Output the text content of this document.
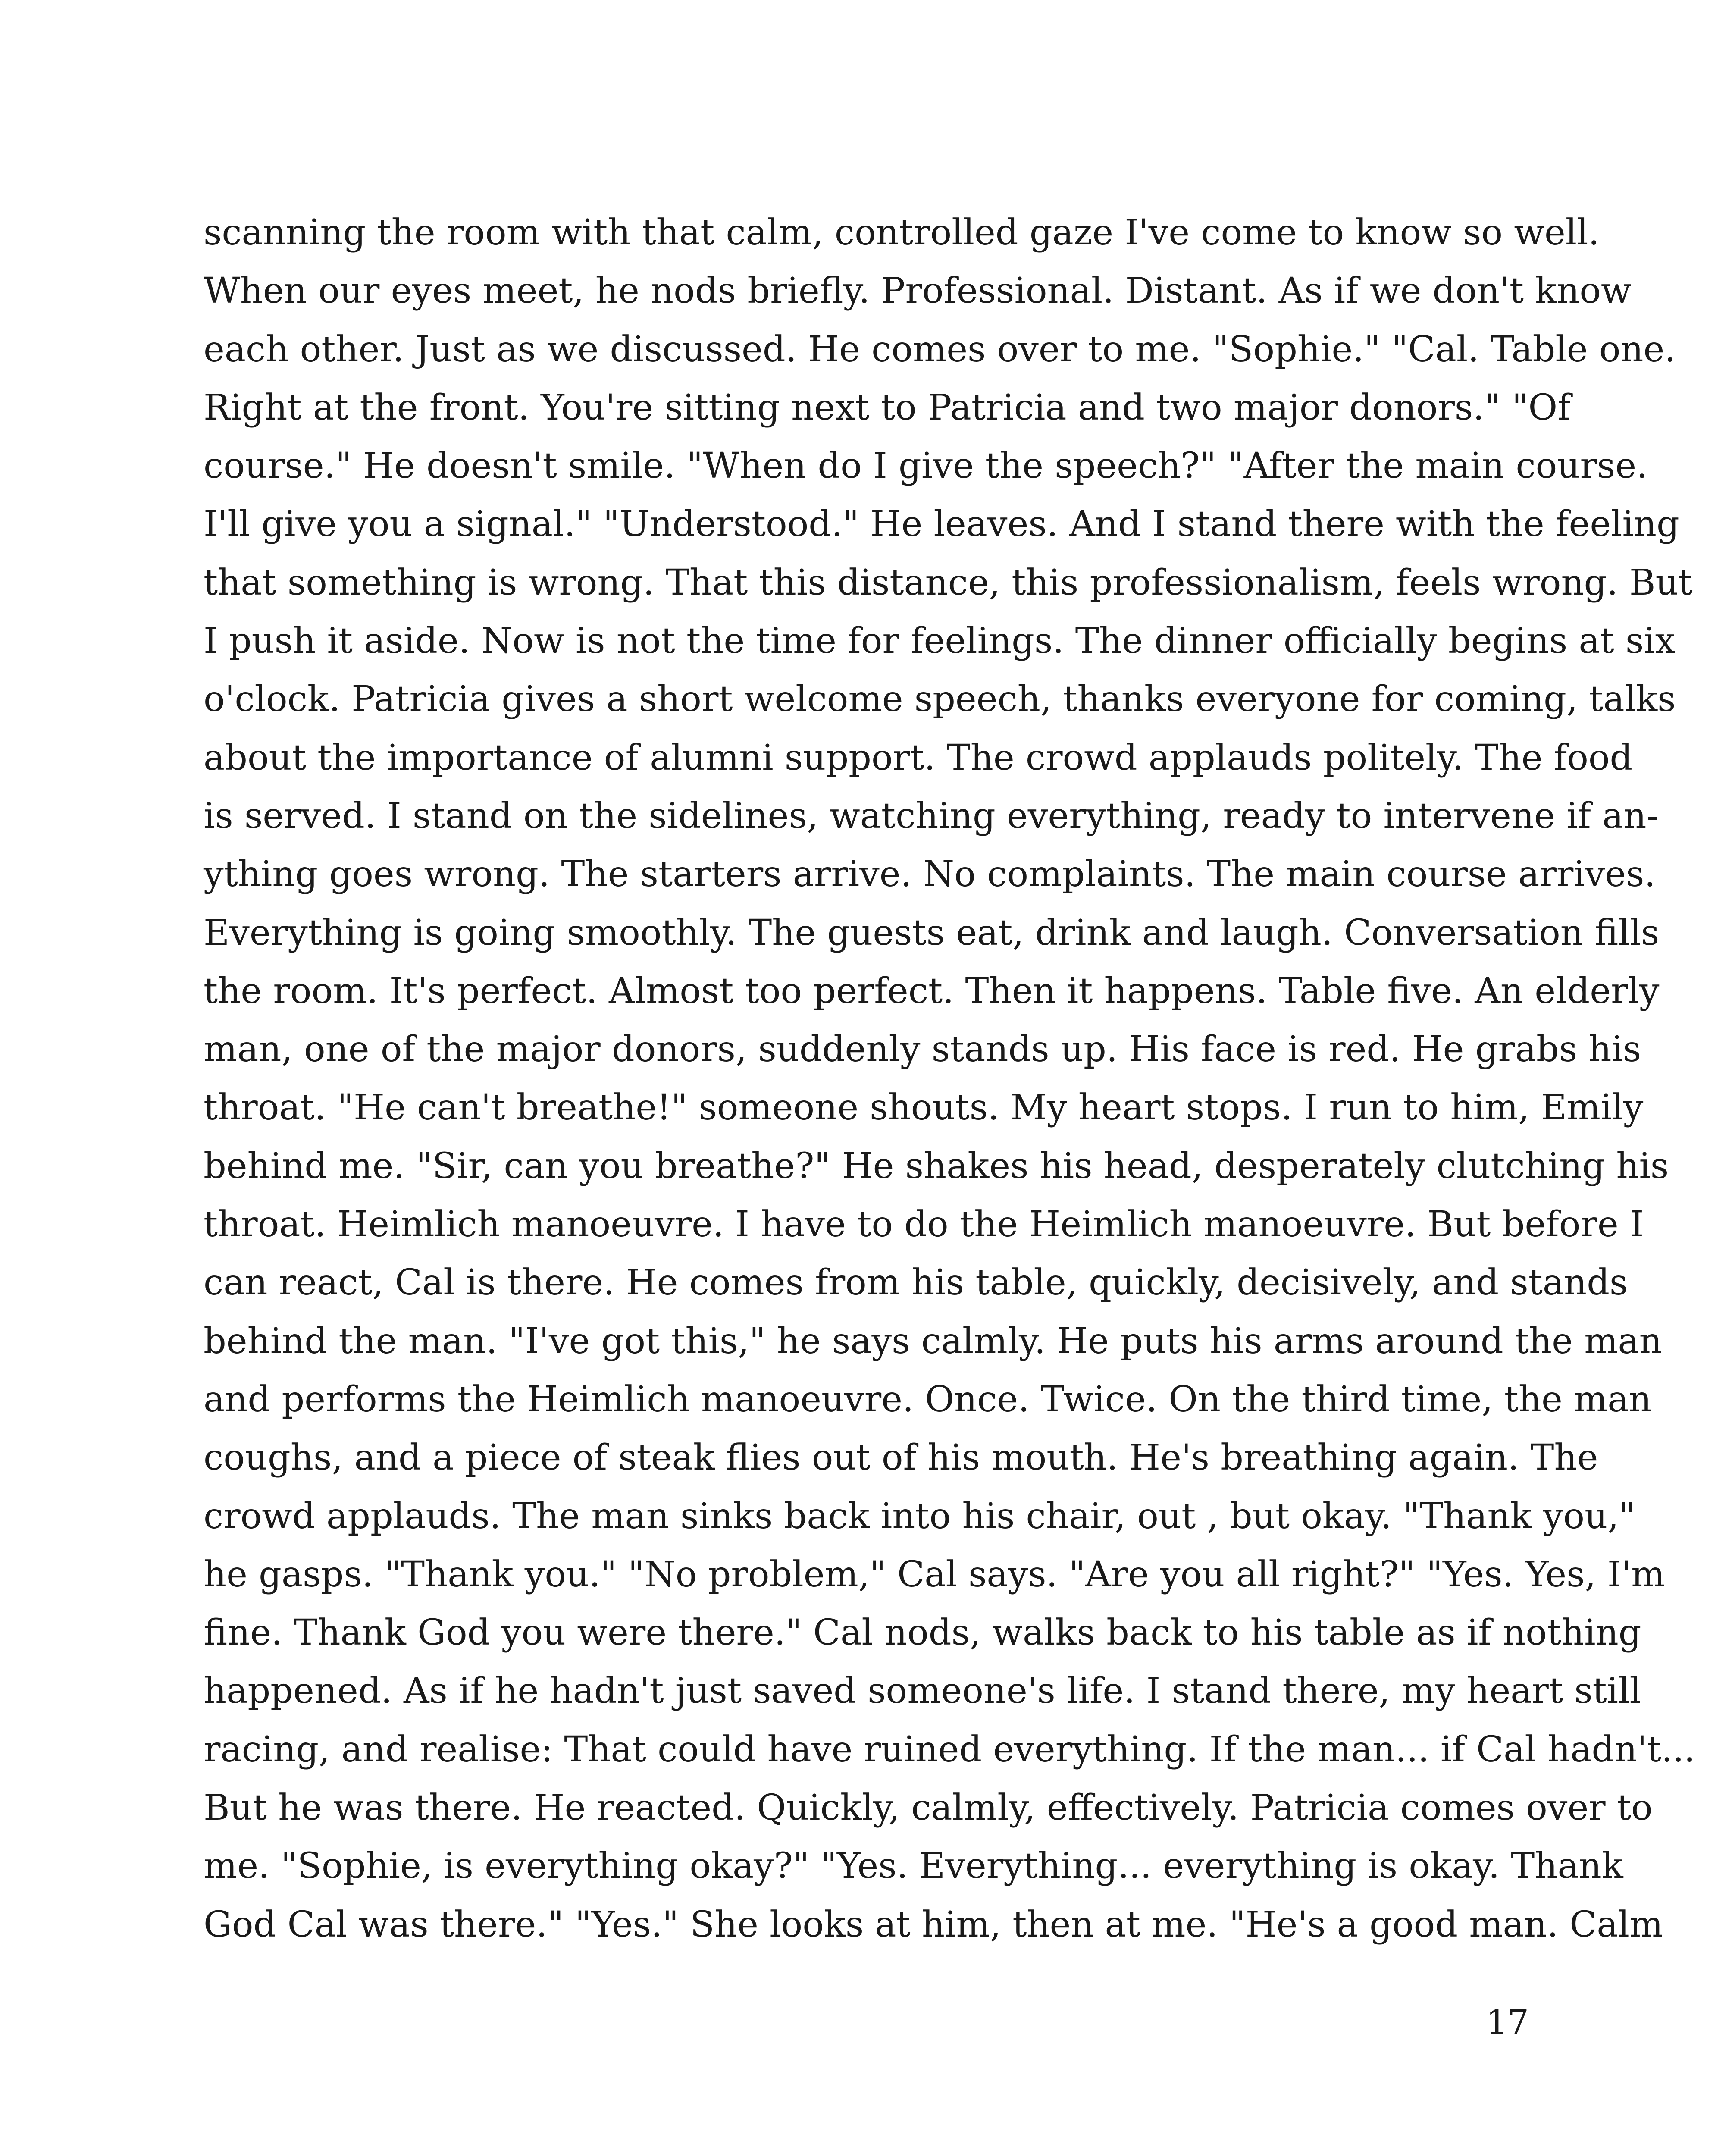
scanning the room with that calm, controlled gaze I've come to know so well.
When our eyes meet, he nods briefly. Professional. Distant. As if we don't know
each other. Just as we discussed. He comes over to me. "Sophie." "Cal. Table one.
Right at the front. You're sitting next to Patricia and two major donors." "Of
course." He doesn't smile. "When do I give the speech?" "After the main course.
I'll give you a signal." "Understood." He leaves. And I stand there with the feeling
that something is wrong. That this distance, this professionalism, feels wrong. But
I push it aside. Now is not the time for feelings. The dinner officially begins at six
o'clock. Patricia gives a short welcome speech, thanks everyone for coming, talks
about the importance of alumni support. The crowd applauds politely. The food
is served. I stand on the sidelines, watching everything, ready to intervene if an-
ything goes wrong. The starters arrive. No complaints. The main course arrives.
Everything is going smoothly. The guests eat, drink and laugh. Conversation fills
the room. It's perfect. Almost too perfect. Then it happens. Table five. An elderly
man, one of the major donors, suddenly stands up. His face is red. He grabs his
throat. "He can't breathe!" someone shouts. My heart stops. I run to him, Emily
behind me. "Sir, can you breathe?" He shakes his head, desperately clutching his
throat. Heimlich manoeuvre. I have to do the Heimlich manoeuvre. But before I
can react, Cal is there. He comes from his table, quickly, decisively, and stands
behind the man. "I've got this," he says calmly. He puts his arms around the man
and performs the Heimlich manoeuvre. Once. Twice. On the third time, the man
coughs, and a piece of steak flies out of his mouth. He's breathing again. The
crowd applauds. The man sinks back into his chair, out , but okay. "Thank you,"
he gasps. "Thank you." "No problem," Cal says. "Are you all right?" "Yes. Yes, I'm
fine. Thank God you were there." Cal nods, walks back to his table as if nothing
happened. As if he hadn't just saved someone's life. I stand there, my heart still
racing, and realise: That could have ruined everything. If the man... if Cal hadn't...
But he was there. He reacted. Quickly, calmly, effectively. Patricia comes over to
me. "Sophie, is everything okay?" "Yes. Everything... everything is okay. Thank
God Cal was there." "Yes." She looks at him, then at me. "He's a good man. Calm

17
